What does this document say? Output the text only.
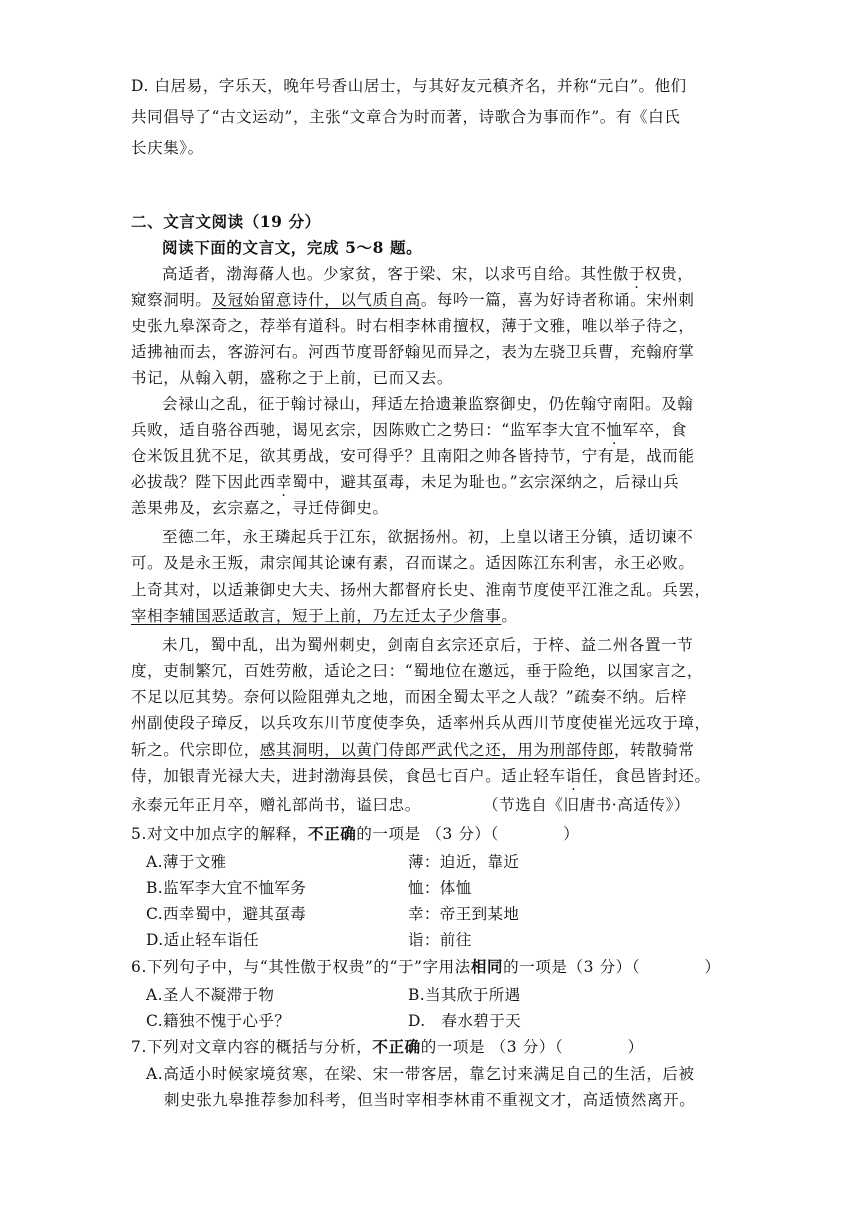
D. 白居易，字乐天，晚年号香山居士，与其好友元稹齐名，并称“元白”。他们
共同倡导了“古文运动”，主张“文章合为时而著，诗歌合为事而作”。有《白氏
长庆集》。
二、文言文阅读（19 分）
阅读下面的文言文，完成 5～8 题。
高适者，渤海蓨人也。少家贫，客于梁、宋，以求丐自给。其性傲于权贵，
窥察洞明。及冠始留意诗什，以气质自高。每吟一篇，喜为好诗者称诵。宋州刺
史张九皋深奇之，荐举有道科。时右相李林甫擅权，薄于文雅，唯以举子待之，
适拂袖而去，客游河右。河西节度哥舒翰见而异之，表为左骁卫兵曹，充翰府掌
书记，从翰入朝，盛称之于上前，已而又去。
会禄山之乱，征于翰讨禄山，拜适左拾遗兼监察御史，仍佐翰守南阳。及翰
兵败，适自骆谷西驰，谒见玄宗，因陈败亡之势曰：“监军李大宜不恤军卒，食
仓米饭且犹不足，欲其勇战，安可得乎？且南阳之帅各皆持节，宁有是，战而能
必拔哉？陛下因此西幸蜀中，避其虿毒，未足为耻也。”玄宗深纳之，后禄山兵
恙果弗及，玄宗嘉之，寻迁侍御史。
至德二年，永王璘起兵于江东，欲据扬州。初，上皇以诸王分镇，适切谏不
可。及是永王叛，肃宗闻其论谏有素，召而谋之。适因陈江东利害，永王必败。
上奇其对，以适兼御史大夫、扬州大都督府长史、淮南节度使平江淮之乱。兵罢，
宰相李辅国恶适敢言，短于上前，乃左迁太子少詹事。
未几，蜀中乱，出为蜀州刺史，剑南自玄宗还京后，于梓、益二州各置一节
度，吏制繁冗，百姓劳敝，适论之曰：“蜀地位在邀远，垂于险绝，以国家言之，
不足以厄其势。奈何以险阻弹丸之地，而困全蜀太平之人哉？”疏奏不纳。后梓
州副使段子璋反，以兵攻东川节度使李奂，适率州兵从西川节度使崔光远攻于璋，
斩之。代宗即位，感其洞明，以黄门侍郎严武代之还，用为刑部侍郎，转散骑常
侍，加银青光禄大夫，进封渤海县侯，食邑七百户。适止轻车诣任，食邑皆封还。
永泰元年正月卒，赠礼部尚书，谥曰忠。	（节选自《旧唐书·高适传》）
5.对文中加点字的解释，不正确的一项是 （3 分）（　　　　）
A.薄于文雅	薄：迫近，靠近
B.监军李大宜不恤军务	恤：体恤
C.西幸蜀中，避其虿毒	幸：帝王到某地
D.适止轻车诣任	诣：前往
6.下列句子中，与“其性傲于权贵”的“于”字用法相同的一项是（3 分）（　　　　）
A.圣人不凝滞于物	B.当其欣于所遇
C.籍独不愧于心乎？	D.　春水碧于天
7.下列对文章内容的概括与分析，不正确的一项是 （3 分）（　　　　）
A.高适小时候家境贫寒，在梁、宋一带客居，靠乞讨来满足自己的生活，后被
刺史张九皋推荐参加科考，但当时宰相李林甫不重视文才，高适愤然离开。
